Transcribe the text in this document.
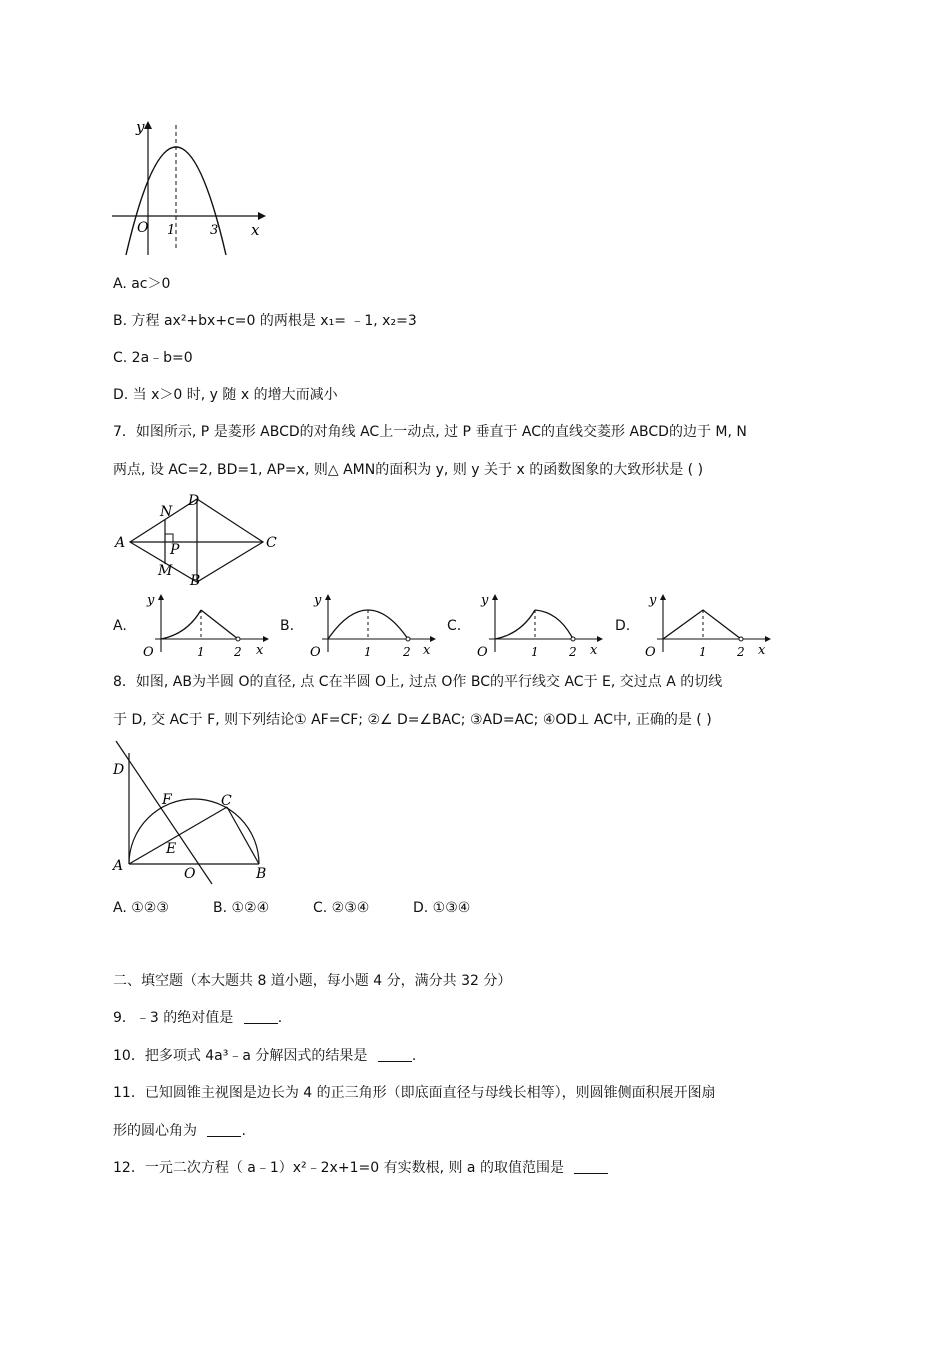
y
x
O 1	3
A. ac＞0
B. 方程 ax²+bx+c=0 的两根是 x₁= ﹣1, x₂=3
C. 2a﹣b=0
D. 当 x＞0 时, y 随 x 的增大而减小
7．如图所示, P 是菱形 ABCD的对角线 AC上一动点, 过 P 垂直于 AC的直线交菱形 ABCD的边于 M, N
两点, 设 AC=2, BD=1, AP=x, 则△ AMN的面积为 y, 则 y 关于 x 的函数图象的大致形状是 ( )
A
D
C
B
N
P
M
A.	B.	C.	D.
y
x
O	1 2
y
x
O	1	2
y
x
O	1	2
y
x
O	1	2
8．如图, AB为半圆 O的直径, 点 C在半圆 O上, 过点 O作 BC的平行线交 AC于 E, 交过点 A 的切线
于 D, 交 AC于 F, 则下列结论① AF=CF; ②∠ D=∠BAC; ③AD=AC; ④OD⊥ AC中, 正确的是 ( )
D
F	C
E
A	O	B
A. ①②③	B. ①②④	C. ②③④	D. ①③④
二、填空题（本大题共 8 道小题，每小题 4 分，满分共 32 分）
9．﹣3 的绝对值是	.
10．把多项式 4a³﹣a 分解因式的结果是	.
11．已知圆锥主视图是边长为 4 的正三角形（即底面直径与母线长相等），则圆锥侧面积展开图扇
形的圆心角为	.
12．一元二次方程（ a﹣1）x²﹣2x+1=0 有实数根, 则 a 的取值范围是
